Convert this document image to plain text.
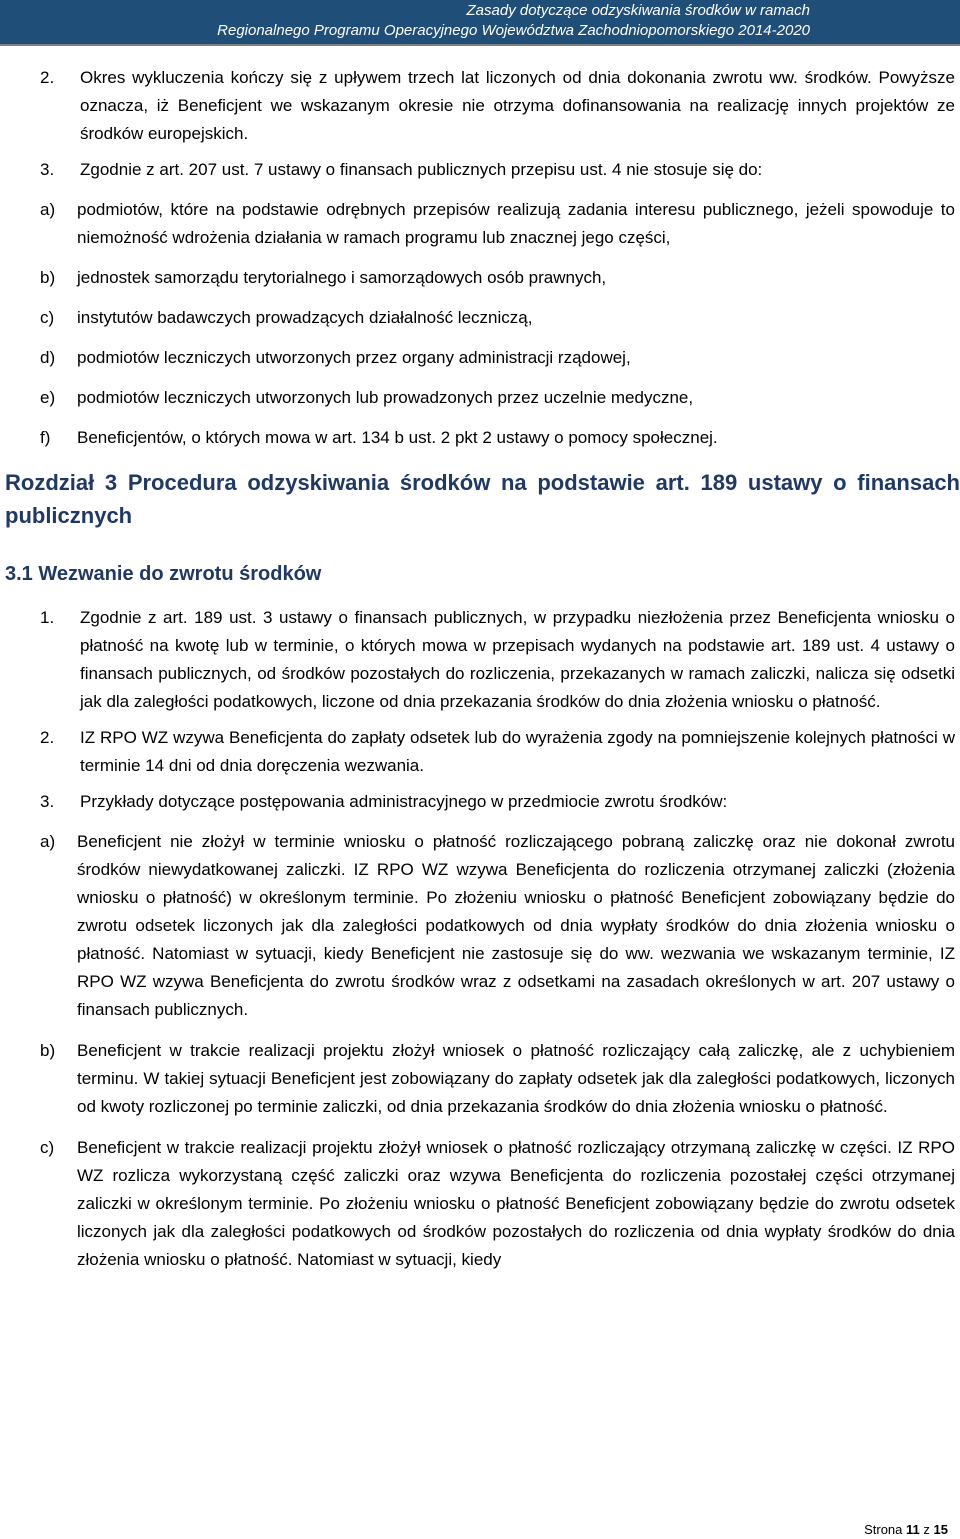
Zasady dotyczące odzyskiwania środków w ramach
Regionalnego Programu Operacyjnego Województwa Zachodniopomorskiego 2014-2020
2.	Okres wykluczenia kończy się z upływem trzech lat liczonych od dnia dokonania zwrotu ww. środków. Powyższe oznacza, iż Beneficjent we wskazanym okresie nie otrzyma dofinansowania na realizację innych projektów ze środków europejskich.
3.	Zgodnie z art. 207 ust. 7 ustawy o finansach publicznych przepisu ust. 4 nie stosuje się do:
a)	podmiotów, które na podstawie odrębnych przepisów realizują zadania interesu publicznego, jeżeli spowoduje to niemożność wdrożenia działania w ramach programu lub znacznej jego części,
b)	jednostek samorządu terytorialnego i samorządowych osób prawnych,
c)	instytutów badawczych prowadzących działalność leczniczą,
d)	podmiotów leczniczych utworzonych przez organy administracji rządowej,
e)	podmiotów leczniczych utworzonych lub prowadzonych przez uczelnie medyczne,
f)	Beneficjentów, o których mowa w art. 134 b ust. 2 pkt 2 ustawy o pomocy społecznej.
Rozdział 3 Procedura odzyskiwania środków na podstawie art. 189 ustawy o finansach publicznych
3.1 Wezwanie do zwrotu środków
1.	Zgodnie z art. 189 ust. 3 ustawy o finansach publicznych, w przypadku niezłożenia przez Beneficjenta wniosku o płatność na kwotę lub w terminie, o których mowa w przepisach wydanych na podstawie art. 189 ust. 4 ustawy o finansach publicznych, od środków pozostałych do rozliczenia, przekazanych w ramach zaliczki, nalicza się odsetki jak dla zaległości podatkowych, liczone od dnia przekazania środków do dnia złożenia wniosku o płatność.
2.	IZ RPO WZ wzywa Beneficjenta do zapłaty odsetek lub do wyrażenia zgody na pomniejszenie kolejnych płatności w terminie 14 dni od dnia doręczenia wezwania.
3.	Przykłady dotyczące postępowania administracyjnego w przedmiocie zwrotu środków:
a)	Beneficjent nie złożył w terminie wniosku o płatność rozliczającego pobraną zaliczkę oraz nie dokonał zwrotu środków niewydatkowanej zaliczki. IZ RPO WZ wzywa Beneficjenta do rozliczenia otrzymanej zaliczki (złożenia wniosku o płatność) w określonym terminie. Po złożeniu wniosku o płatność Beneficjent zobowiązany będzie do zwrotu odsetek liczonych jak dla zaległości podatkowych od dnia wypłaty środków do dnia złożenia wniosku o płatność. Natomiast w sytuacji, kiedy Beneficjent nie zastosuje się do ww. wezwania we wskazanym terminie, IZ RPO WZ wzywa Beneficjenta do zwrotu środków wraz z odsetkami na zasadach określonych w art. 207 ustawy o finansach publicznych.
b)	Beneficjent w trakcie realizacji projektu złożył wniosek o płatność rozliczający całą zaliczkę, ale z uchybieniem terminu. W takiej sytuacji Beneficjent jest zobowiązany do zapłaty odsetek jak dla zaległości podatkowych, liczonych od kwoty rozliczonej po terminie zaliczki, od dnia przekazania środków do dnia złożenia wniosku o płatność.
c)	Beneficjent w trakcie realizacji projektu złożył wniosek o płatność rozliczający otrzymaną zaliczkę w części. IZ RPO WZ rozlicza wykorzystaną część zaliczki oraz wzywa Beneficjenta do rozliczenia pozostałej części otrzymanej zaliczki w określonym terminie. Po złożeniu wniosku o płatność Beneficjent zobowiązany będzie do zwrotu odsetek liczonych jak dla zaległości podatkowych od środków pozostałych do rozliczenia od dnia wypłaty środków do dnia złożenia wniosku o płatność. Natomiast w sytuacji, kiedy
Strona 11 z 15
